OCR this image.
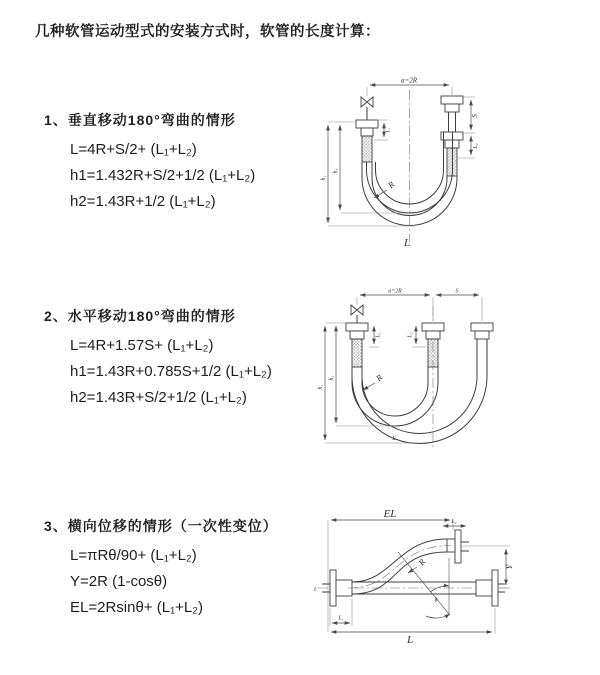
几种软管运动型式的安装方式时，软管的长度计算：
1、垂直移动180°弯曲的情形
L=4R+S/2+ (L₁+L₂)
h1=1.432R+S/2+1/2 (L₁+L₂)
h2=1.43R+1/2 (L₁+L₂)
2、水平移动180°弯曲的情形
L=4R+1.57S+ (L₁+L₂)
h1=1.43R+0.785S+1/2 (L₁+L₂)
h2=1.43R+S/2+1/2 (L₁+L₂)
3、横向位移的情形（一次性变位）
L=πRθ/90+ (L₁+L₂)
Y=2R (1-cosθ)
EL=2Rsinθ+ (L₁+L₂)
a=2R
S
L₂
L₁
h₂
h₁
R
L
a=2R	S
L₁	L₂
h₂
h₁
R
L
EL
L₂
Y
z
R
θ
L₁
L
